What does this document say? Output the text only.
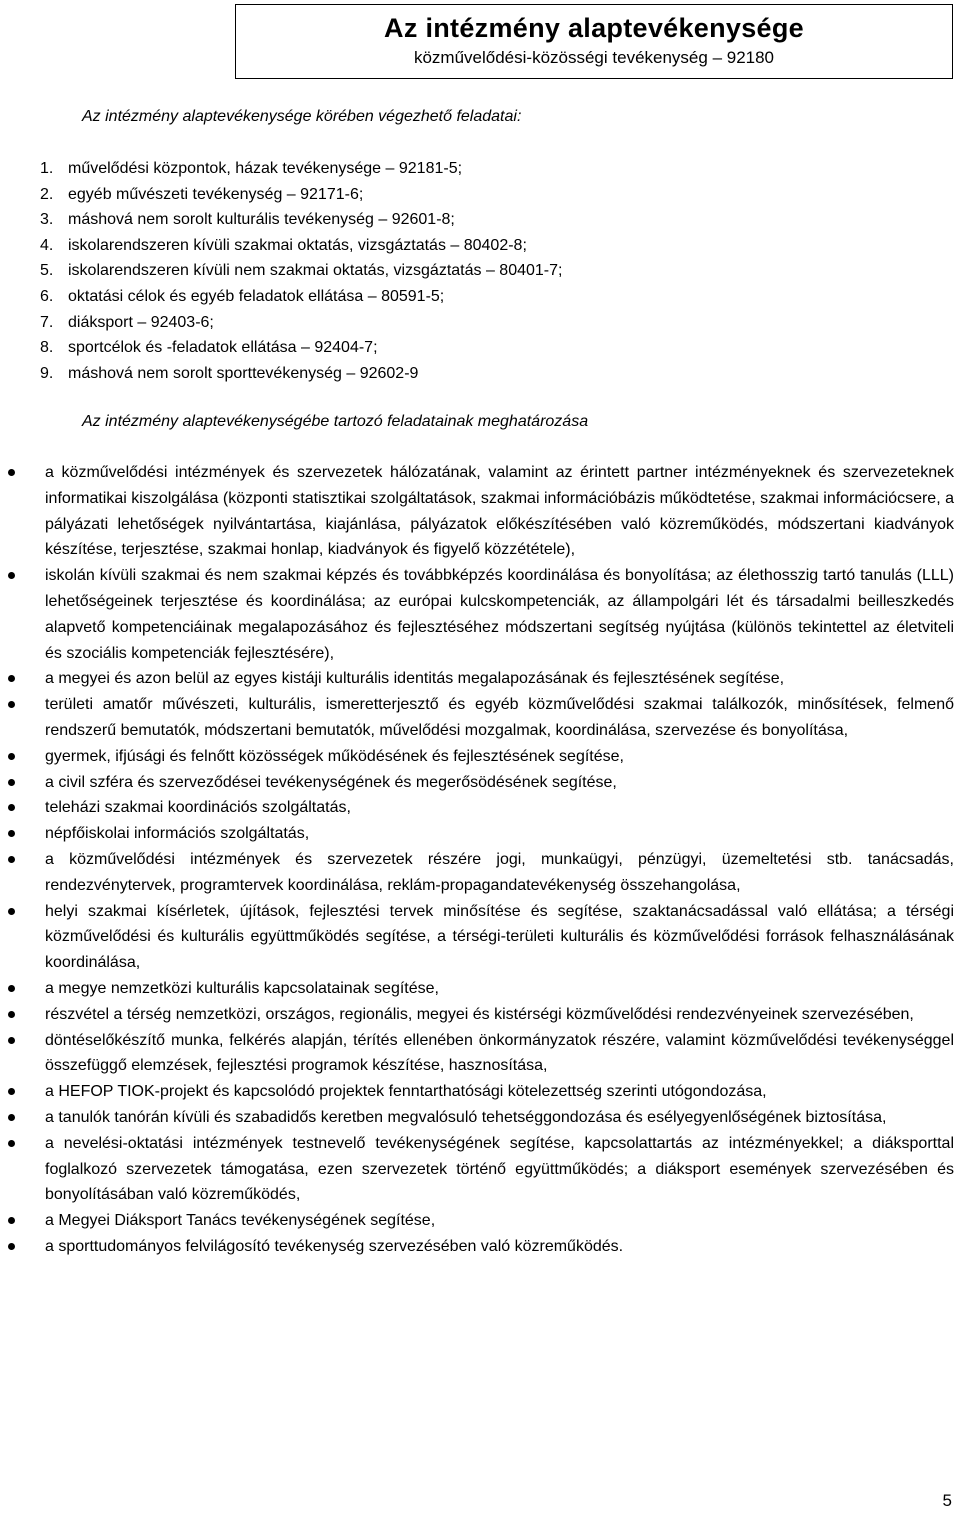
Az intézmény alaptevékenysége
közművelődési-közösségi tevékenység – 92180
Az intézmény alaptevékenysége körében végezhető feladatai:
1. művelődési központok, házak tevékenysége – 92181-5;
2. egyéb művészeti tevékenység – 92171-6;
3. máshová nem sorolt kulturális tevékenység – 92601-8;
4. iskolarendszeren kívüli szakmai oktatás, vizsgáztatás – 80402-8;
5. iskolarendszeren kívüli nem szakmai oktatás, vizsgáztatás – 80401-7;
6. oktatási célok és egyéb feladatok ellátása – 80591-5;
7. diáksport – 92403-6;
8. sportcélok és -feladatok ellátása – 92404-7;
9. máshová nem sorolt sporttevékenység – 92602-9
Az intézmény alaptevékenységébe tartozó feladatainak meghatározása
a közművelődési intézmények és szervezetek hálózatának, valamint az érintett partner intézményeknek és szervezeteknek informatikai kiszolgálása (központi statisztikai szolgáltatások, szakmai információbázis működtetése, szakmai információcsere, a pályázati lehetőségek nyilvántartása, kiajánlása, pályázatok előkészítésében való közreműködés, módszertani kiadványok készítése, terjesztése, szakmai honlap, kiadványok és figyelő közzététele),
iskolán kívüli szakmai és nem szakmai képzés és továbbképzés koordinálása és bonyolítása; az élethosszig tartó tanulás (LLL) lehetőségeinek terjesztése és koordinálása; az európai kulcskompetenciák, az állampolgári lét és társadalmi beilleszkedés alapvető kompetenciáinak megalapozásához és fejlesztéséhez módszertani segítség nyújtása (különös tekintettel az életviteli és szociális kompetenciák fejlesztésére),
a megyei és azon belül az egyes kistáji kulturális identitás megalapozásának és fejlesztésének segítése,
területi amatőr művészeti, kulturális, ismeretterjesztő és egyéb közművelődési szakmai találkozók, minősítések, felmenő rendszerű bemutatók, módszertani bemutatók, művelődési mozgalmak, koordinálása, szervezése és bonyolítása,
gyermek, ifjúsági és felnőtt közösségek működésének és fejlesztésének segítése,
a civil szféra és szerveződései tevékenységének és megerősödésének segítése,
teleházi szakmai koordinációs szolgáltatás,
népfőiskolai információs szolgáltatás,
a közművelődési intézmények és szervezetek részére jogi, munkaügyi, pénzügyi, üzemeltetési stb. tanácsadás, rendezvénytervek, programtervek koordinálása, reklám-propagandatevékenység összehangolása,
helyi szakmai kísérletek, újítások, fejlesztési tervek minősítése és segítése, szaktanácsadással való ellátása; a térségi közművelődési és kulturális együttműködés segítése, a térségi-területi kulturális és közművelődési források felhasználásának koordinálása,
a megye nemzetközi kulturális kapcsolatainak segítése,
részvétel a térség nemzetközi, országos, regionális, megyei és kistérségi közművelődési rendezvényeinek szervezésében,
döntéselőkészítő munka, felkérés alapján, térítés ellenében önkormányzatok részére, valamint közművelődési tevékenységgel összefüggő elemzések, fejlesztési programok készítése, hasznosítása,
a HEFOP TIOK-projekt és kapcsolódó projektek fenntarthatósági kötelezettség szerinti utógondozása,
a tanulók tanórán kívüli és szabadidős keretben megvalósuló tehetséggondozása és esélyegyenlőségének biztosítása,
a nevelési-oktatási intézmények testnevelő tevékenységének segítése, kapcsolattartás az intézményekkel; a diáksporttal foglalkozó szervezetek támogatása, ezen szervezetek történő együttműködés; a diáksport események szervezésében és bonyolításában való közreműködés,
a Megyei Diáksport Tanács tevékenységének segítése,
a sporttudományos felvilágosító tevékenység szervezésében való közreműködés.
5
